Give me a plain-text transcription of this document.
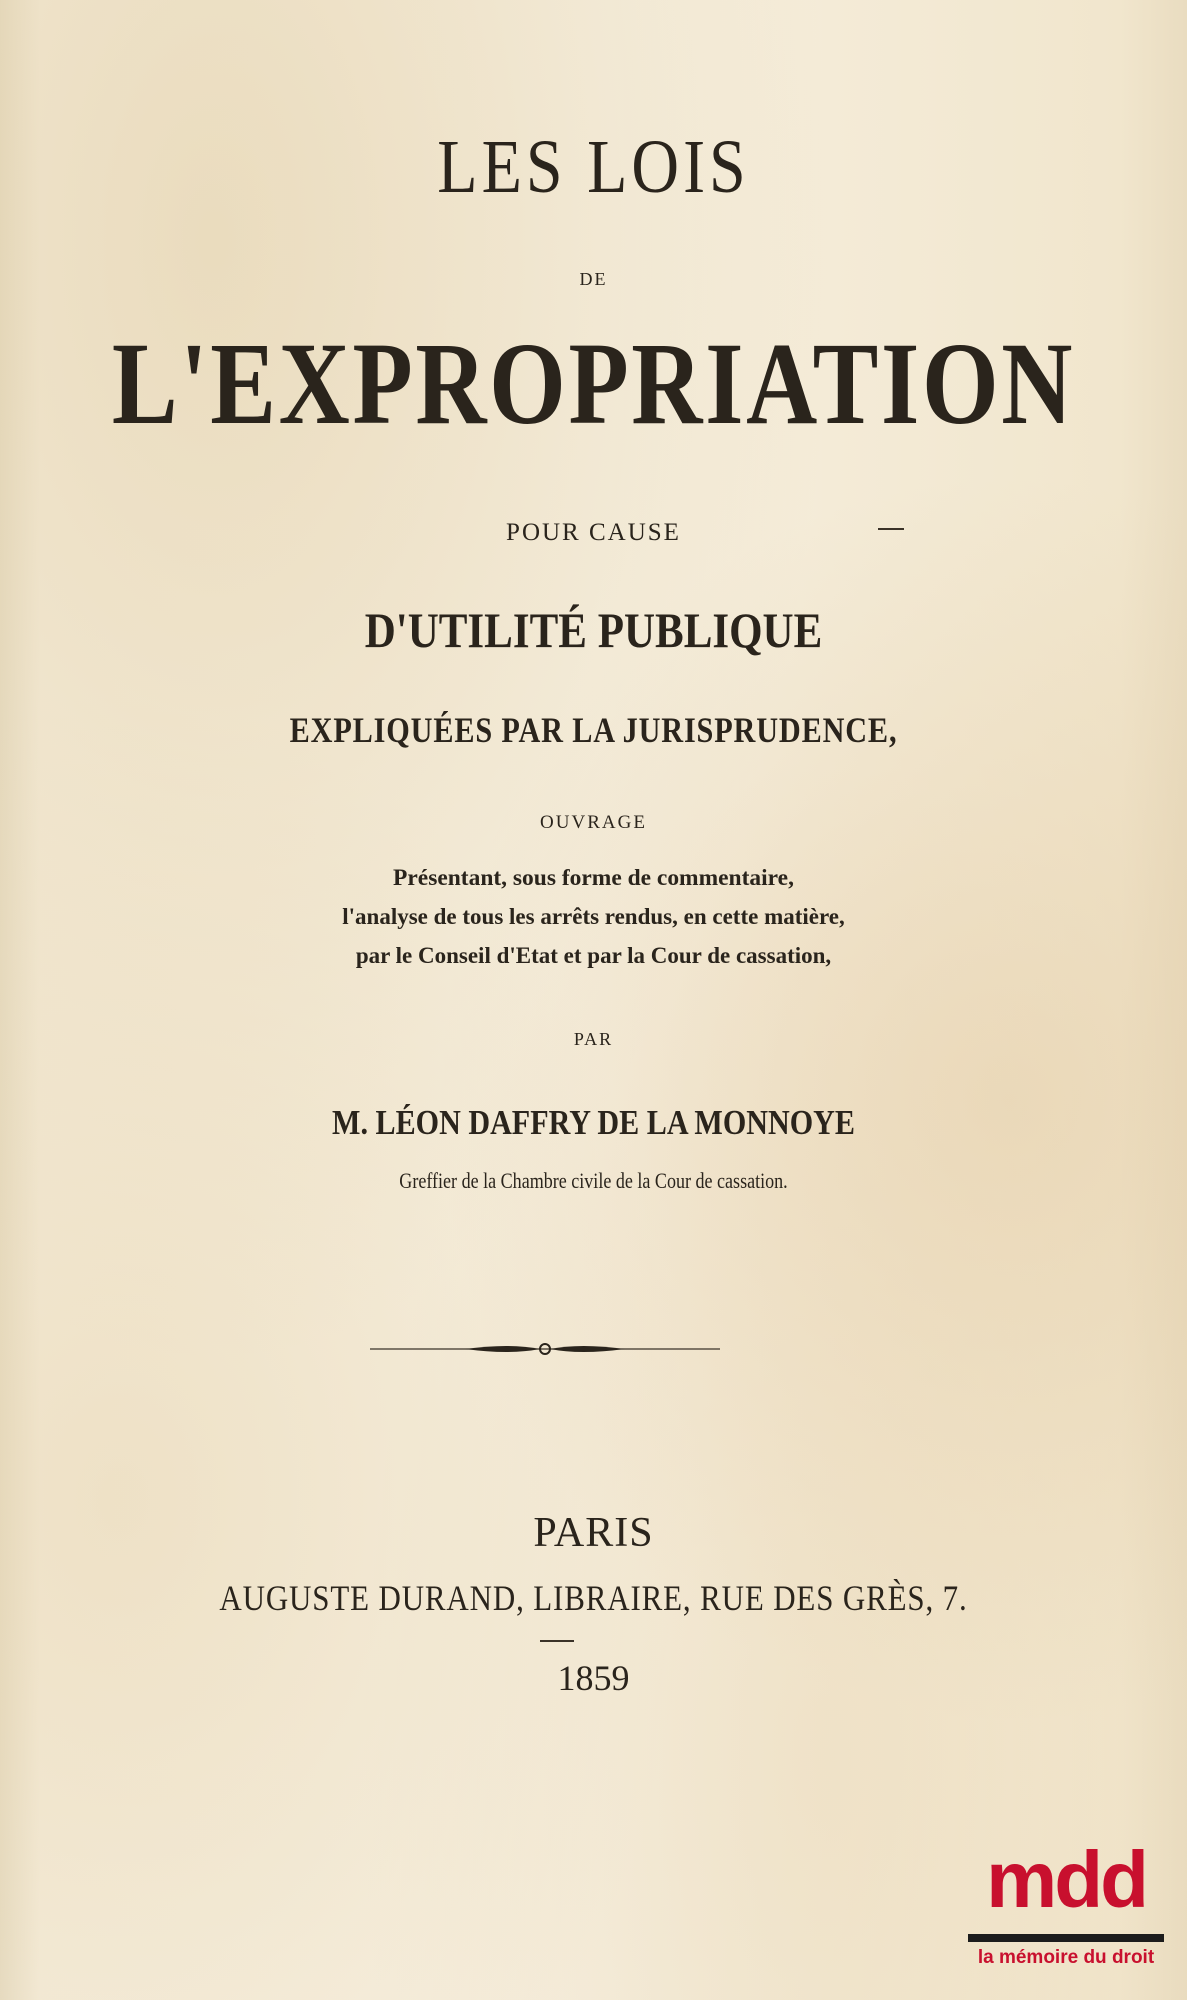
LES LOIS
DE
L'EXPROPRIATION
POUR CAUSE
D'UTILITÉ PUBLIQUE
EXPLIQUÉES PAR LA JURISPRUDENCE,
OUVRAGE
Présentant, sous forme de commentaire,
l'analyse de tous les arrêts rendus, en cette matière,
par le Conseil d'Etat et par la Cour de cassation,
PAR
M. LÉON DAFFRY DE LA MONNOYE
Greffier de la Chambre civile de la Cour de cassation.
PARIS
AUGUSTE DURAND, LIBRAIRE, RUE DES GRÈS, 7.
1859
mdd
la mémoire du droit
